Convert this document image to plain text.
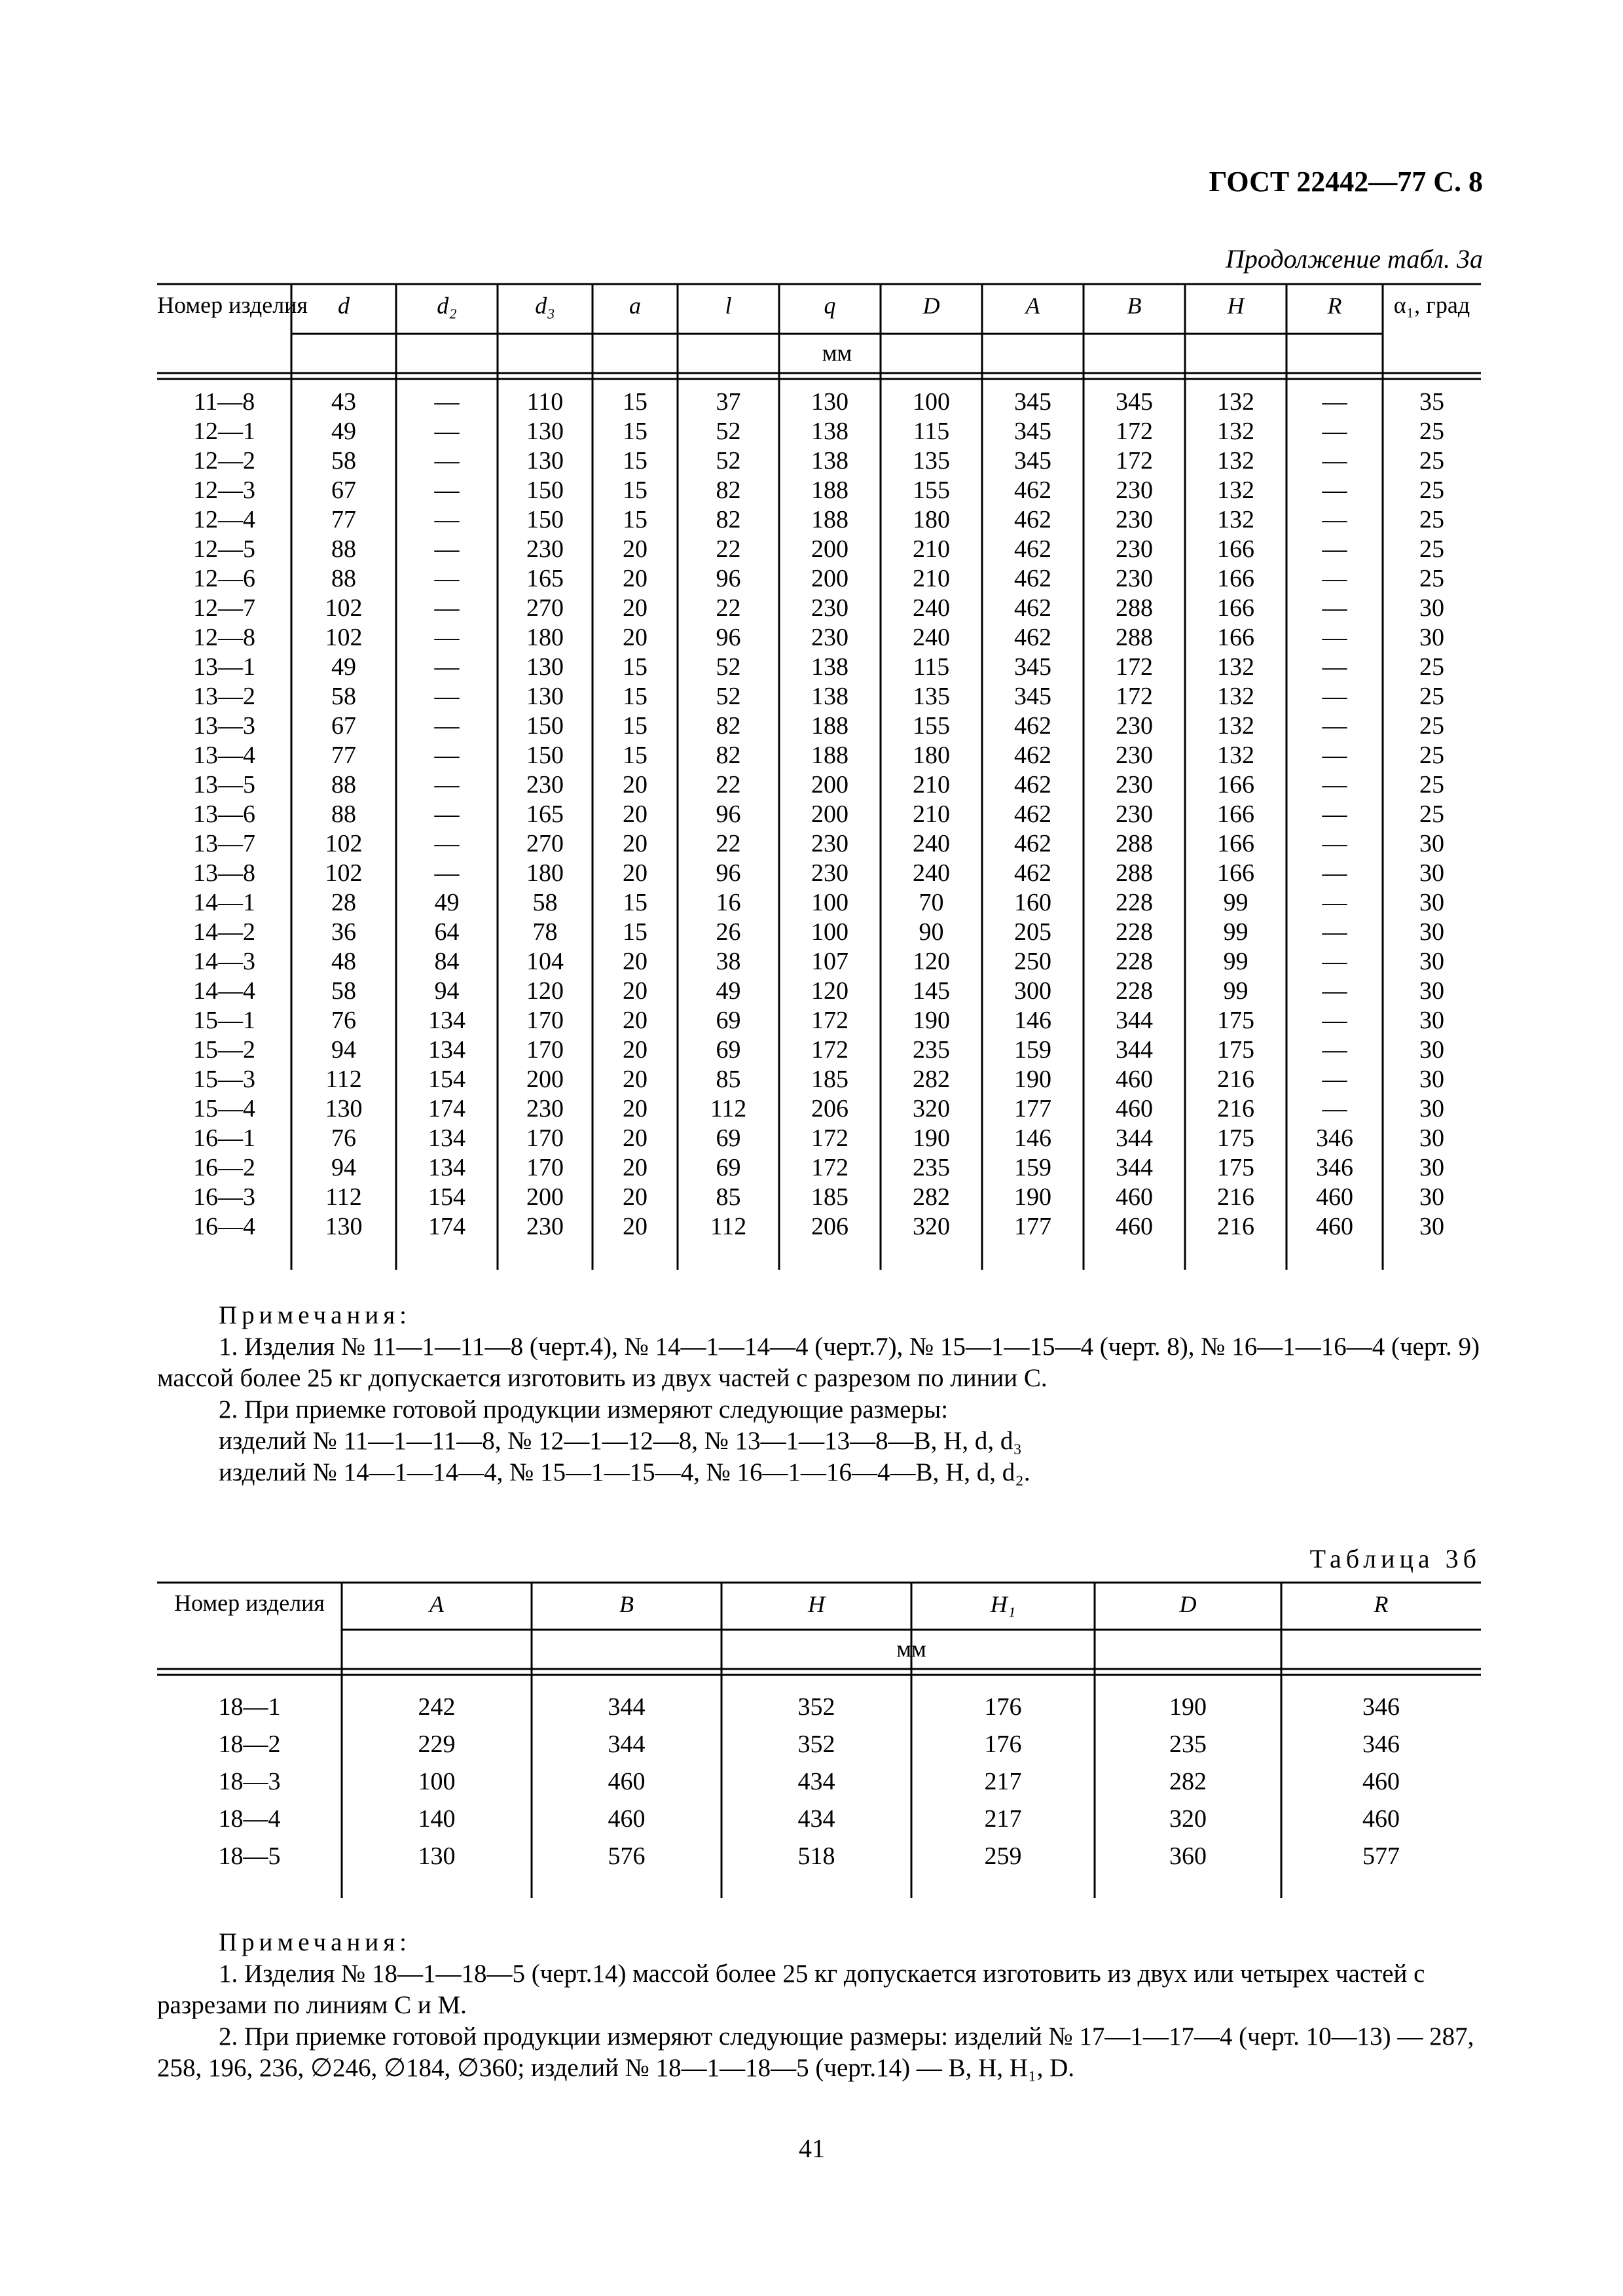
ГОСТ 22442—77 С. 8
Продолжение табл. 3а
Номер изделия	d	d₂	d₃	a	l	q	D	A	B	H	R	α₁, град
мм
11—8	43	—	110	15	37	130	100	345	345	132	—	35
12—1	49	—	130	15	52	138	115	345	172	132	—	25
12—2	58	—	130	15	52	138	135	345	172	132	—	25
12—3	67	—	150	15	82	188	155	462	230	132	—	25
12—4	77	—	150	15	82	188	180	462	230	132	—	25
12—5	88	—	230	20	22	200	210	462	230	166	—	25
12—6	88	—	165	20	96	200	210	462	230	166	—	25
12—7	102	—	270	20	22	230	240	462	288	166	—	30
12—8	102	—	180	20	96	230	240	462	288	166	—	30
13—1	49	—	130	15	52	138	115	345	172	132	—	25
13—2	58	—	130	15	52	138	135	345	172	132	—	25
13—3	67	—	150	15	82	188	155	462	230	132	—	25
13—4	77	—	150	15	82	188	180	462	230	132	—	25
13—5	88	—	230	20	22	200	210	462	230	166	—	25
13—6	88	—	165	20	96	200	210	462	230	166	—	25
13—7	102	—	270	20	22	230	240	462	288	166	—	30
13—8	102	—	180	20	96	230	240	462	288	166	—	30
14—1	28	49	58	15	16	100	70	160	228	99	—	30
14—2	36	64	78	15	26	100	90	205	228	99	—	30
14—3	48	84	104	20	38	107	120	250	228	99	—	30
14—4	58	94	120	20	49	120	145	300	228	99	—	30
15—1	76	134	170	20	69	172	190	146	344	175	—	30
15—2	94	134	170	20	69	172	235	159	344	175	—	30
15—3	112	154	200	20	85	185	282	190	460	216	—	30
15—4	130	174	230	20	112	206	320	177	460	216	—	30
16—1	76	134	170	20	69	172	190	146	344	175	346	30
16—2	94	134	170	20	69	172	235	159	344	175	346	30
16—3	112	154	200	20	85	185	282	190	460	216	460	30
16—4	130	174	230	20	112	206	320	177	460	216	460	30
Примечания:
1. Изделия № 11—1—11—8 (черт.4), № 14—1—14—4 (черт.7), № 15—1—15—4 (черт. 8), № 16—1—16—4 (черт. 9) массой более 25 кг допускается изготовить из двух частей с разрезом по линии С.
2. При приемке готовой продукции измеряют следующие размеры:
изделий № 11—1—11—8, № 12—1—12—8, № 13—1—13—8—B, H, d, d₃
изделий № 14—1—14—4, № 15—1—15—4, № 16—1—16—4—B, H, d, d₂.
Таблица 3б
Номер изделия	A	B	H	H₁	D	R
мм
18—1	242	344	352	176	190	346
18—2	229	344	352	176	235	346
18—3	100	460	434	217	282	460
18—4	140	460	434	217	320	460
18—5	130	576	518	259	360	577
Примечания:
1. Изделия № 18—1—18—5 (черт.14) массой более 25 кг допускается изготовить из двух или четырех частей с разрезами по линиям С и М.
2. При приемке готовой продукции измеряют следующие размеры: изделий № 17—1—17—4 (черт. 10—13) — 287, 258, 196, 236, ∅246, ∅184, ∅360; изделий № 18—1—18—5 (черт.14) — B, H, H₁, D.
41
